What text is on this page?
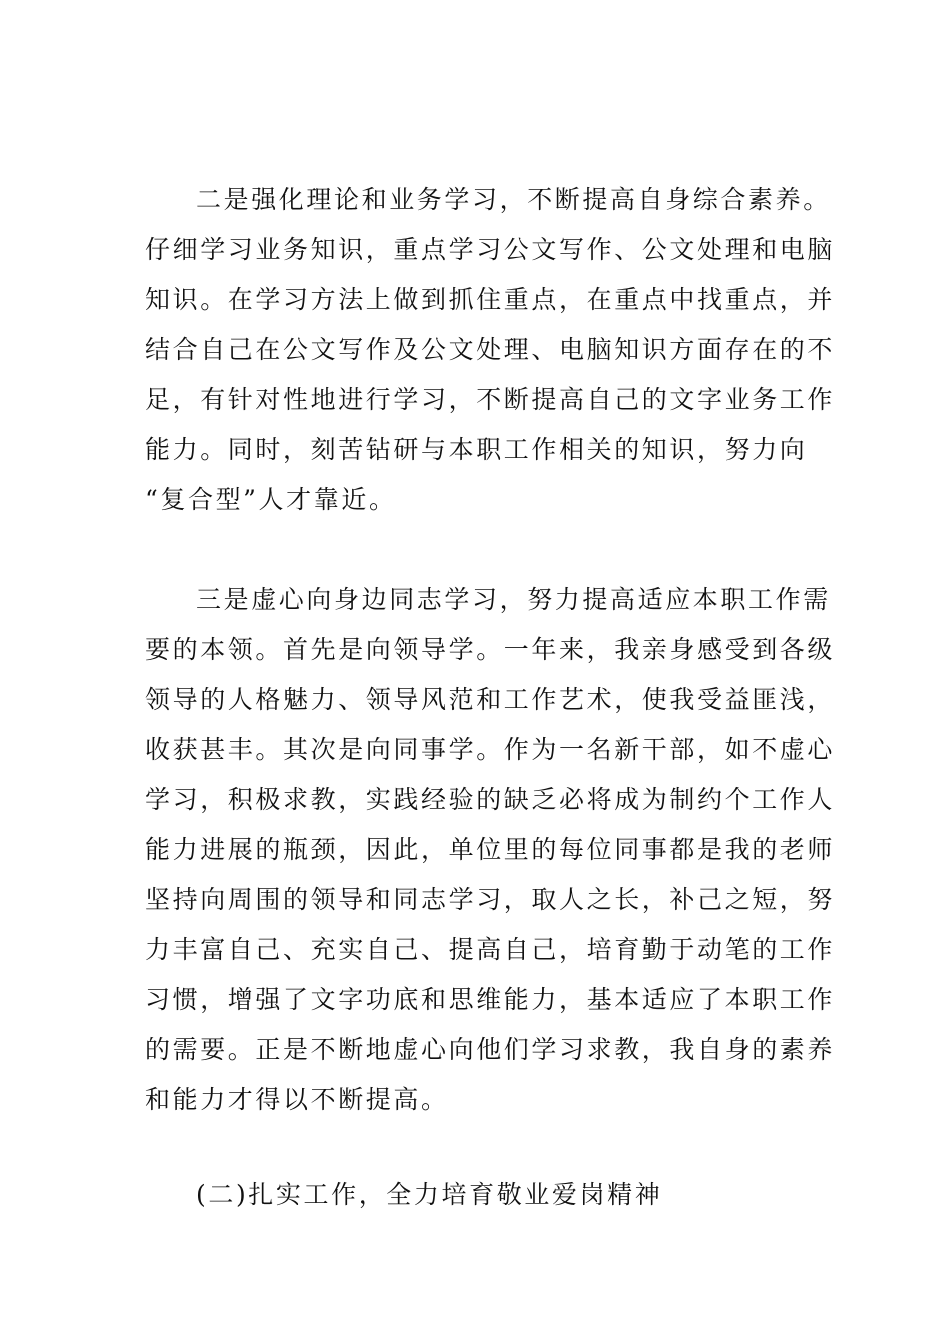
二是强化理论和业务学习，不断提高自身综合素养。
仔细学习业务知识，重点学习公文写作、公文处理和电脑
知识。在学习方法上做到抓住重点，在重点中找重点，并
结合自己在公文写作及公文处理、电脑知识方面存在的不
足，有针对性地进行学习，不断提高自己的文字业务工作
能力。同时，刻苦钻研与本职工作相关的知识，努力向
“复合型”人才靠近。
三是虚心向身边同志学习，努力提高适应本职工作需
要的本领。首先是向领导学。一年来，我亲身感受到各级
领导的人格魅力、领导风范和工作艺术，使我受益匪浅，
收获甚丰。其次是向同事学。作为一名新干部，如不虚心
学习，积极求教，实践经验的缺乏必将成为制约个工作人
能力进展的瓶颈，因此，单位里的每位同事都是我的老师
坚持向周围的领导和同志学习，取人之长，补己之短，努
力丰富自己、充实自己、提高自己，培育勤于动笔的工作
习惯，增强了文字功底和思维能力，基本适应了本职工作
的需要。正是不断地虚心向他们学习求教，我自身的素养
和能力才得以不断提高。
(二)扎实工作，全力培育敬业爱岗精神
